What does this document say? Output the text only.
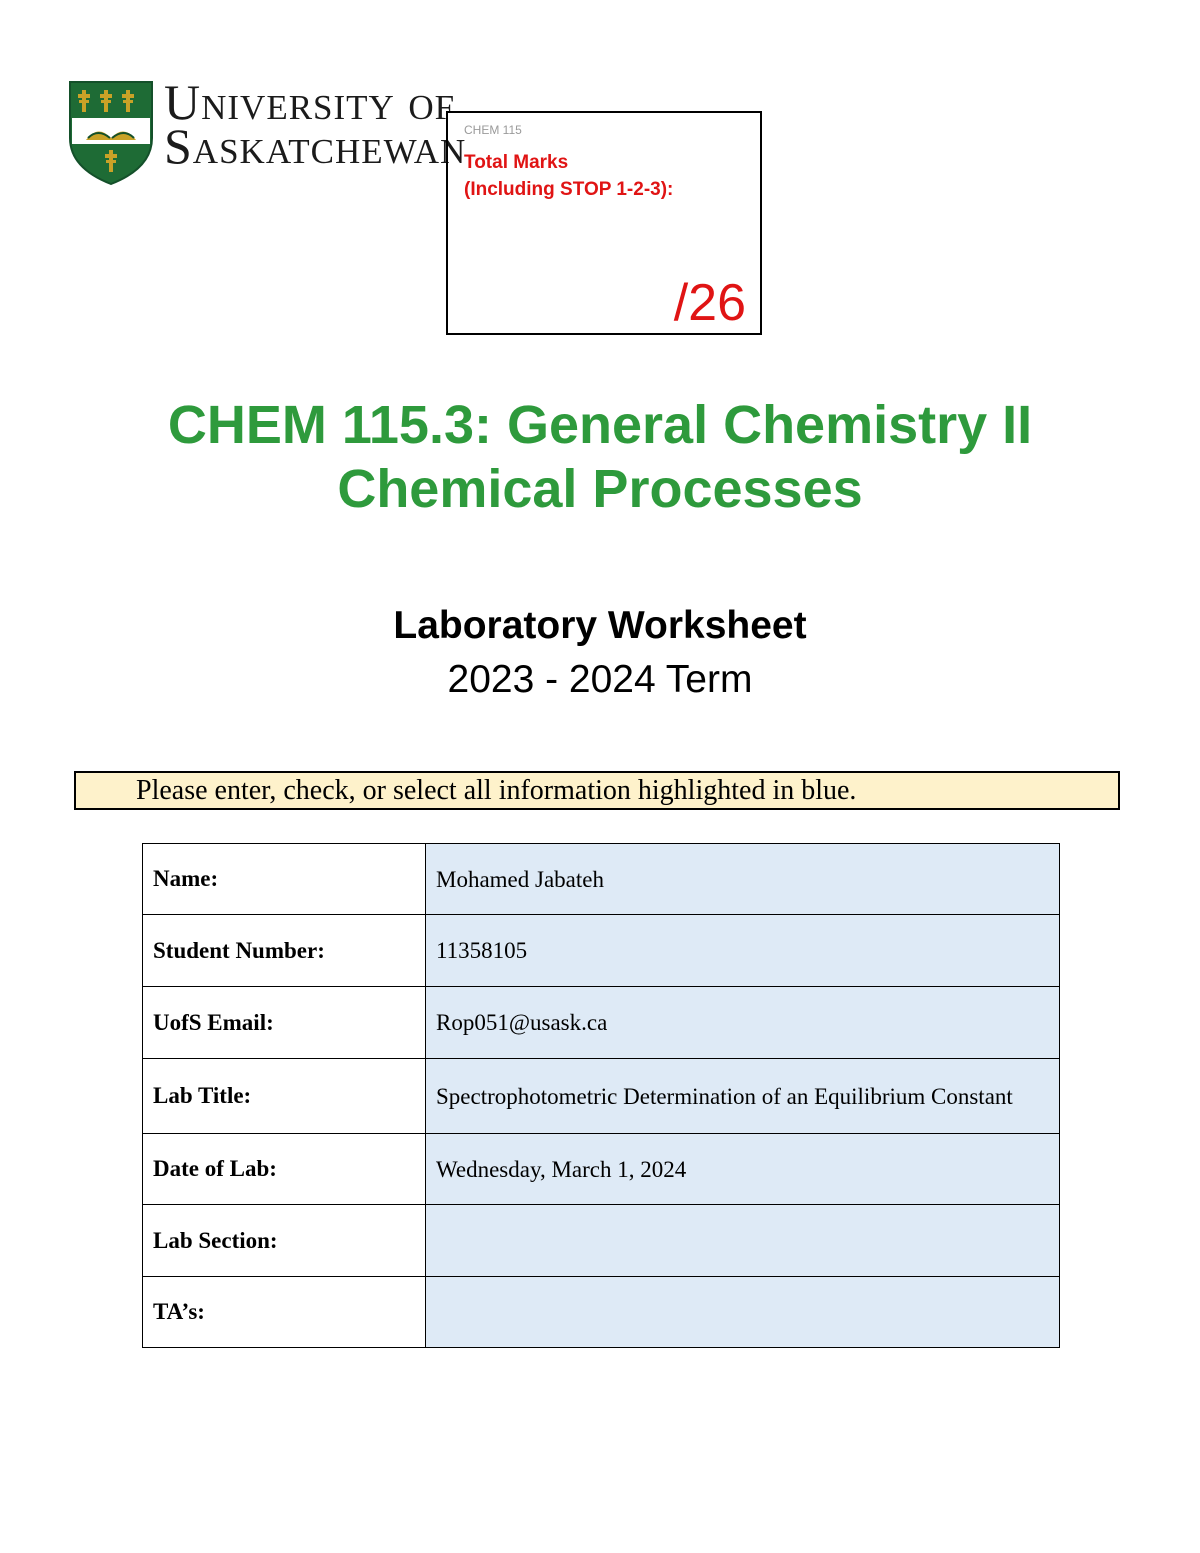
University of
Saskatchewan
CHEM 115
Total Marks
(Including STOP 1-2-3):
/26
CHEM 115.3: General Chemistry II
Chemical Processes
Laboratory Worksheet
2023 - 2024 Term
Please enter, check, or select all information highlighted in blue.
Name:	Mohamed Jabateh
Student Number:	11358105
UofS Email:	Rop051@usask.ca
Lab Title:	Spectrophotometric Determination of an Equilibrium Constant
Date of Lab:	Wednesday, March 1, 2024
Lab Section:	
TA’s:	
